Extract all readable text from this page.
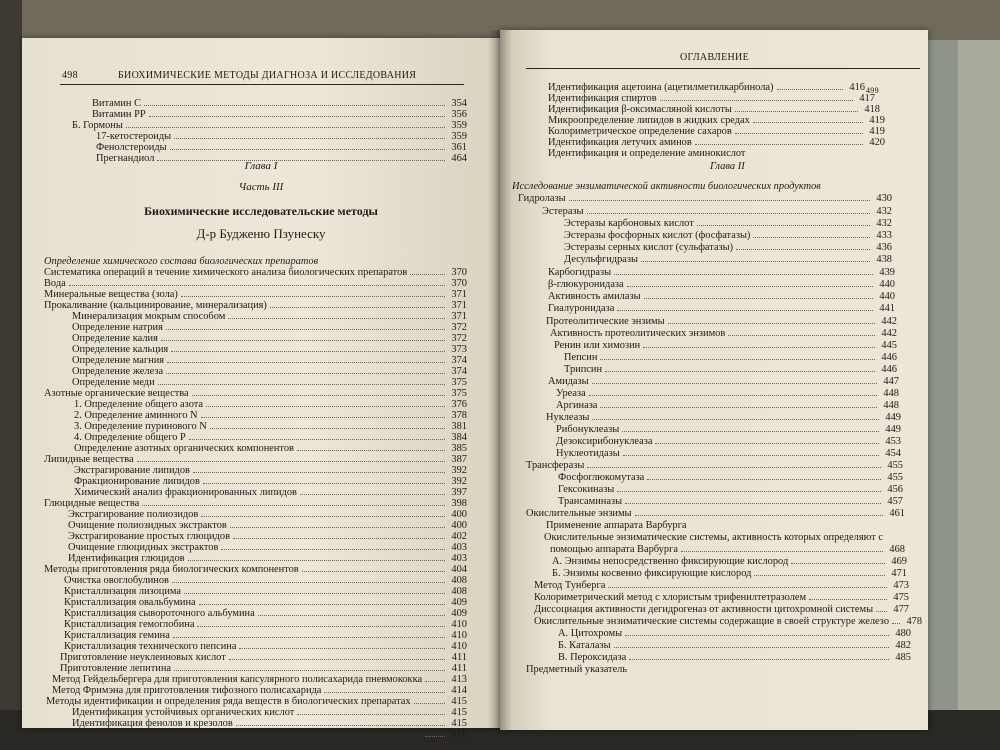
498	БИОХИМИЧЕСКИЕ МЕТОДЫ ДИАГНОЗА И ИССЛЕДОВАНИЯ
Витамин С	354
Витамин РР	356
Б. Гормоны	359
17-кетостероиды	359
Фенолстероиды	361
Прегнандиол	464
Определение химического состава биологических препаратов
Систематика операций в течение химического анализа биологических препаратов	370
Вода	370
Минеральные вещества (зола)	371
Прокаливание (кальцинирование, минерализация)	371
Минерализация мокрым способом	371
Определение натрия	372
Определение калия	372
Определение кальция	373
Определение магния	374
Определение железа	374
Определение меди	375
Азотные органические вещества	375
1. Определение общего азота	376
2. Определение аминного N	378
3. Определение пуринового N	381
4. Определение общего Р	384
Определение азотных органических компонентов	385
Липидные вещества	387
Экстрагирование липидов	392
Фракционирование липидов	392
Химический анализ фракционированных липидов	397
Глюцидные вещества	398
Экстрагирование полиозидов	400
Очищение полиозидных экстрактов	400
Экстрагирование простых глюцидов	402
Очищение глюцидных экстрактов	403
Идентификация глюцидов	403
Методы приготовления ряда биологических компонентов	404
Очистка овоглобулинов	408
Кристаллизация лизоцима	408
Кристаллизация овальбумина	409
Кристаллизация сывороточного альбумина	409
Кристаллизация гемоглобина	410
Кристаллизация гемина	410
Кристаллизация технического пепсина	410
Приготовление неуклеиновых кислот	411
Приготовление лепитина	411
Метод Гейдельбергера для приготовления капсулярного полисахарида пневмококка	413
Метод Фримэна для приготовления тифозного полисахарида	414
Методы идентификации и определения ряда веществ в биологических препаратах	415
Идентификация устойчивых органических кислот	415
Идентификация фенолов и крезолов	415
416
Глава I
Часть III
Биохимические исследовательские методы
Д-р Будженю Пзунеску
ОГЛАВЛЕНИЕ
499
Идентификация ацетоина (ацетилметилкарбинола)	416
Идентификация спиртов	417
Идентификация β-оксимасляной кислоты	418
Микроопределение липидов в жидких средах	419
Колориметрическое определение сахаров	419
Идентификация летучих аминов	420
Идентификация и определение аминокислот
Исследование энзиматической активности биологических продуктов
Гидролазы	430
Эстеразы	432
Эстеразы карбоновых кислот	432
Эстеразы фосфорных кислот (фосфатазы)	433
Эстеразы серных кислот (сульфатазы)	436
Десульфгидразы	438
Карбогидразы	439
β-глюкуронидаза	440
Активность амилазы	440
Гиалуронидаза	441
Протеолитические энзимы	442
Активность протеолитических энзимов	442
Ренин или химозин	445
Пепсин	446
Трипсин	446
Амидазы	447
Уреаза	448
Аргиназа	448
Нуклеазы	449
Рибонуклеазы	449
Дезоксирибонуклеаза	453
Нуклеотидазы	454
Трансферазы	455
Фосфоглюкомутаза	455
Гексокиназы	456
Трансаминазы	457
Окислительные энзимы	461
Применение аппарата Варбурга
Окислительные энзиматические системы, активность которых определяют с
помощью аппарата Варбурга	468
А. Энзимы непосредственно фиксирующие кислород	469
Б. Энзимы косвенно фиксирующие кислород	471
Метод Тунберга	473
Колориметрический метод с хлористым трифенилтетразолем	475
Диссоциация активности дегидрогеназ от активности цитохромной системы	477
Окислительные энзиматические системы содержащие в своей структуре железо	478
А. Цитохромы	480
Б. Каталазы	482
В. Пероксидаза	485
Предметный указатель
Глава II
